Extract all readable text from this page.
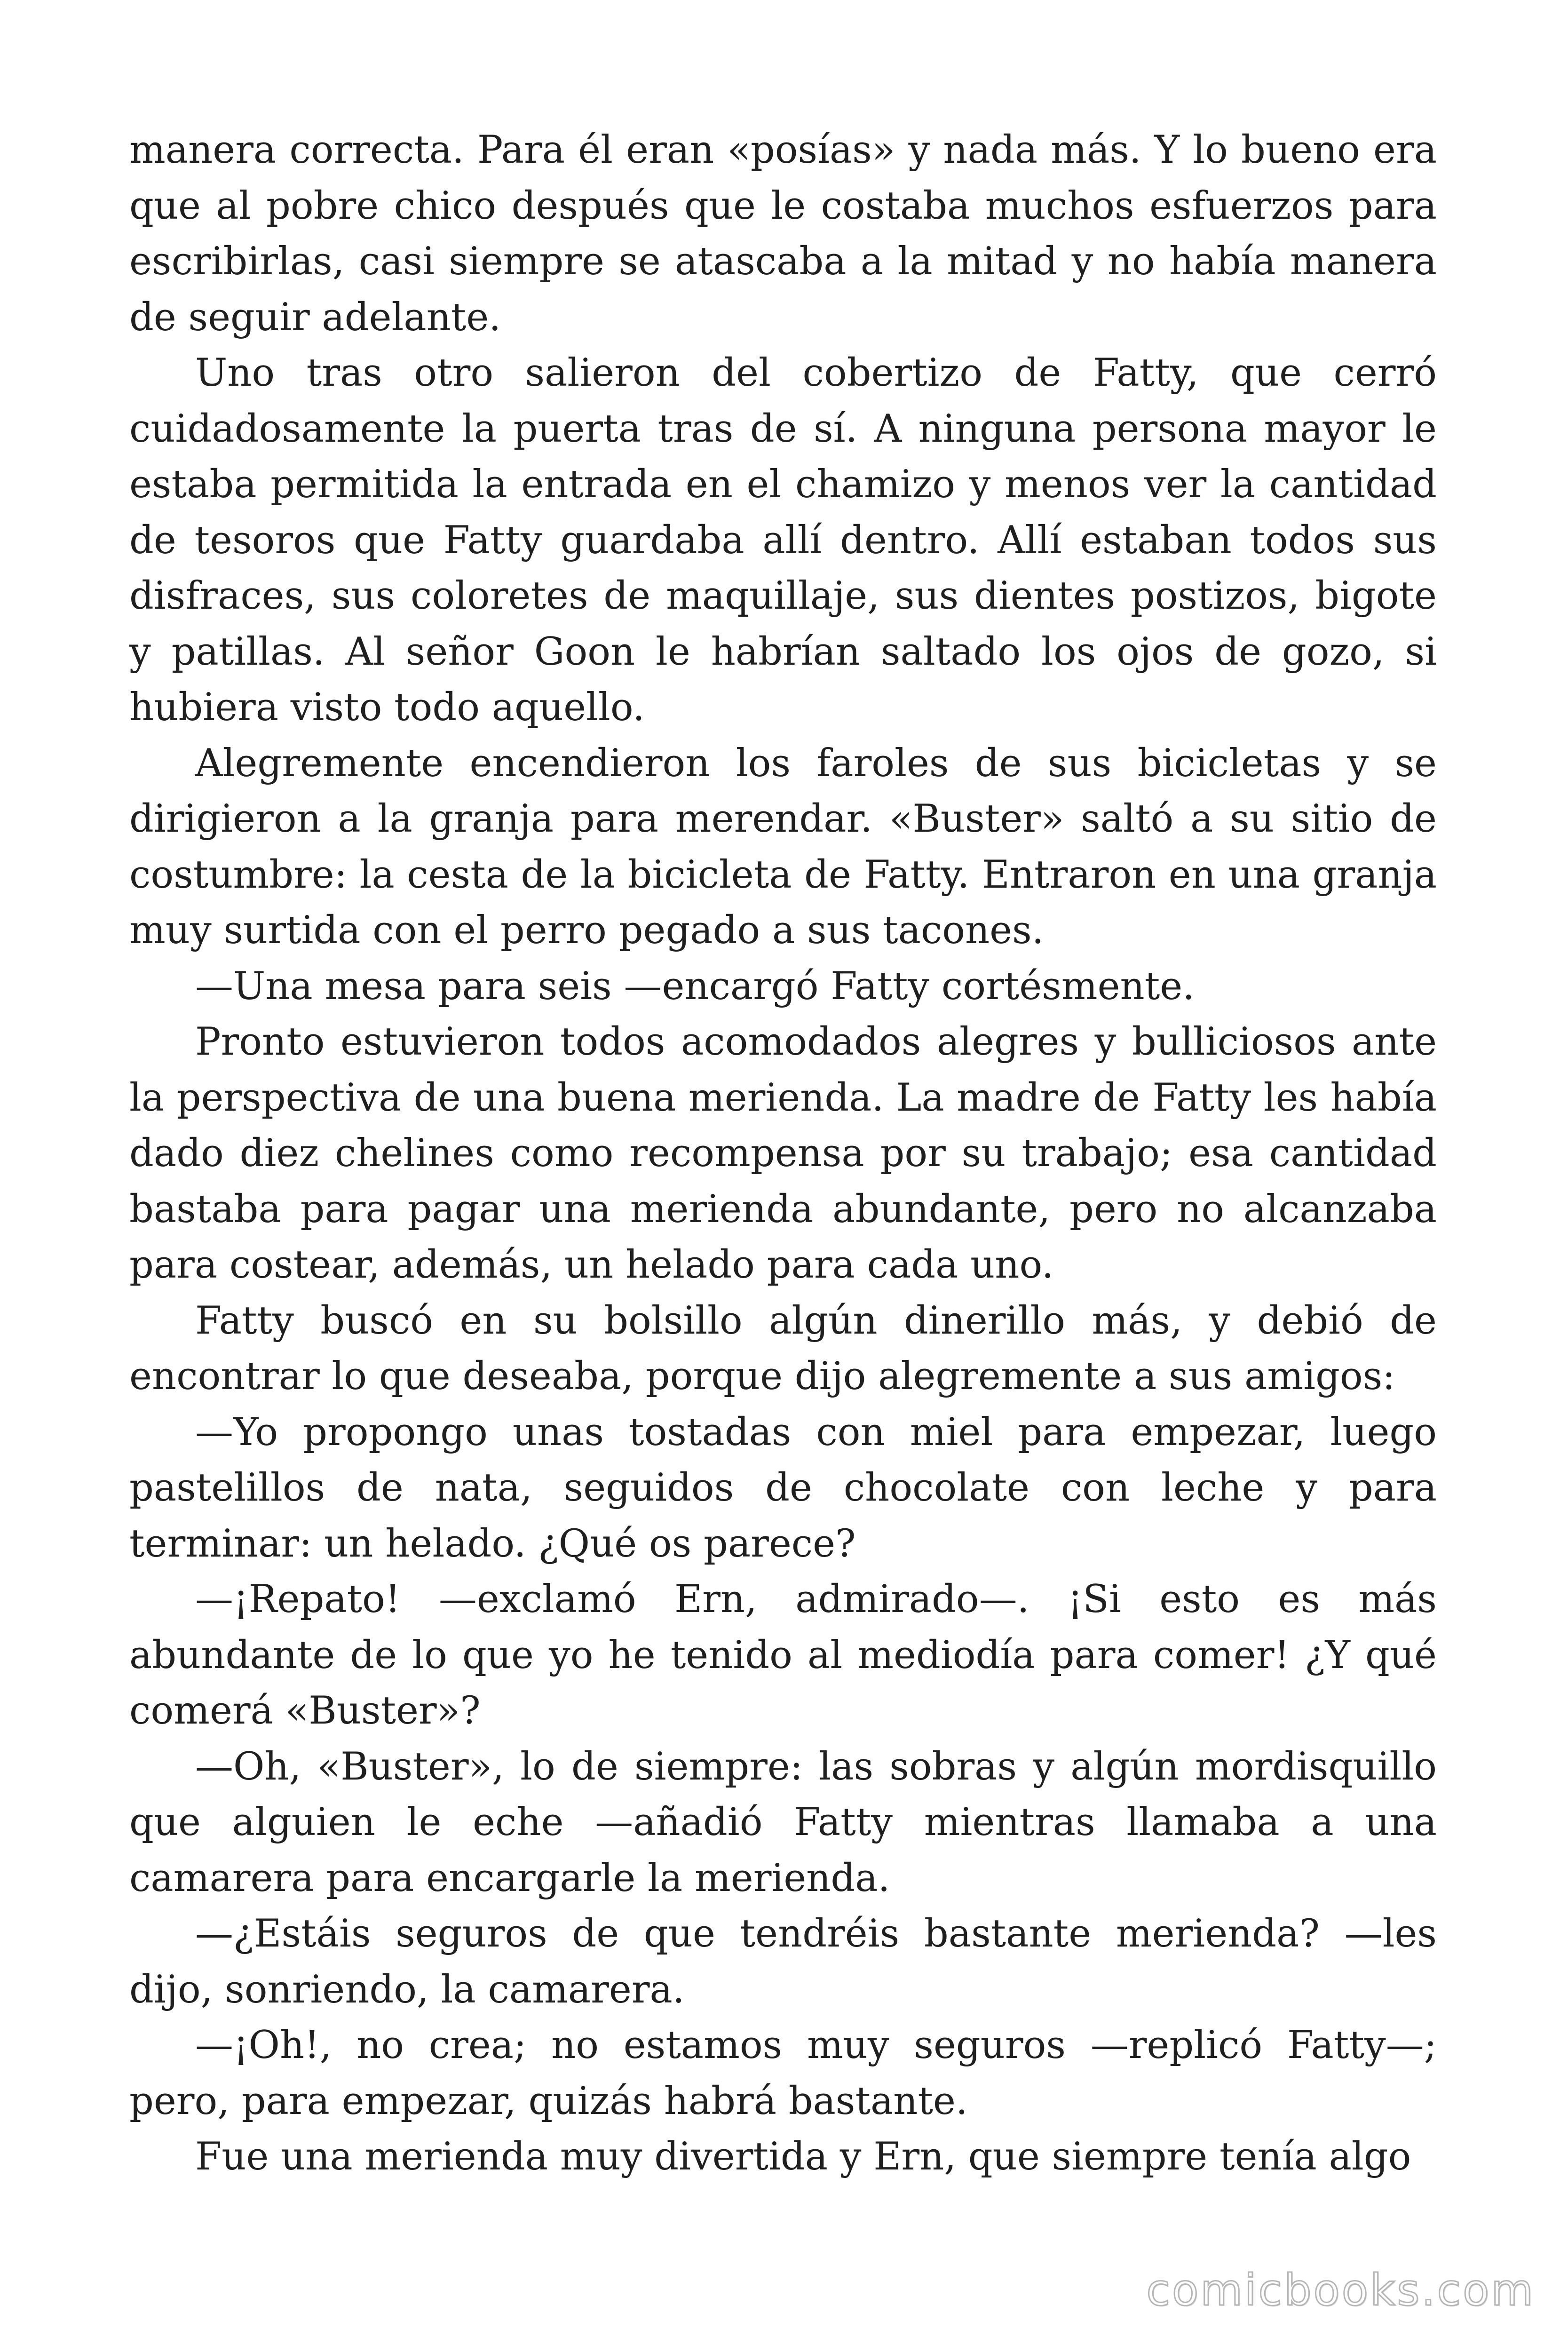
manera correcta. Para él eran «posías» y nada más. Y lo bueno era que al pobre chico después que le costaba muchos esfuerzos para escribirlas, casi siempre se atascaba a la mitad y no había manera de seguir adelante.

Uno tras otro salieron del cobertizo de Fatty, que cerró cuidadosamente la puerta tras de sí. A ninguna persona mayor le estaba permitida la entrada en el chamizo y menos ver la cantidad de tesoros que Fatty guardaba allí dentro. Allí estaban todos sus disfraces, sus coloretes de maquillaje, sus dientes postizos, bigote y patillas. Al señor Goon le habrían saltado los ojos de gozo, si hubiera visto todo aquello.

Alegremente encendieron los faroles de sus bicicletas y se dirigieron a la granja para merendar. «Buster» saltó a su sitio de costumbre: la cesta de la bicicleta de Fatty. Entraron en una granja muy surtida con el perro pegado a sus tacones.

—Una mesa para seis —encargó Fatty cortésmente.

Pronto estuvieron todos acomodados alegres y bulliciosos ante la perspectiva de una buena merienda. La madre de Fatty les había dado diez chelines como recompensa por su trabajo; esa cantidad bastaba para pagar una merienda abundante, pero no alcanzaba para costear, además, un helado para cada uno.

Fatty buscó en su bolsillo algún dinerillo más, y debió de encontrar lo que deseaba, porque dijo alegremente a sus amigos:

—Yo propongo unas tostadas con miel para empezar, luego pastelillos de nata, seguidos de chocolate con leche y para terminar: un helado. ¿Qué os parece?

—¡Repato! —exclamó Ern, admirado—. ¡Si esto es más abundante de lo que yo he tenido al mediodía para comer! ¿Y qué comerá «Buster»?

—Oh, «Buster», lo de siempre: las sobras y algún mordisquillo que alguien le eche —añadió Fatty mientras llamaba a una camarera para encargarle la merienda.

—¿Estáis seguros de que tendréis bastante merienda? —les dijo, sonriendo, la camarera.

—¡Oh!, no crea; no estamos muy seguros —replicó Fatty—; pero, para empezar, quizás habrá bastante.

Fue una merienda muy divertida y Ern, que siempre tenía algo

comicbooks.com
